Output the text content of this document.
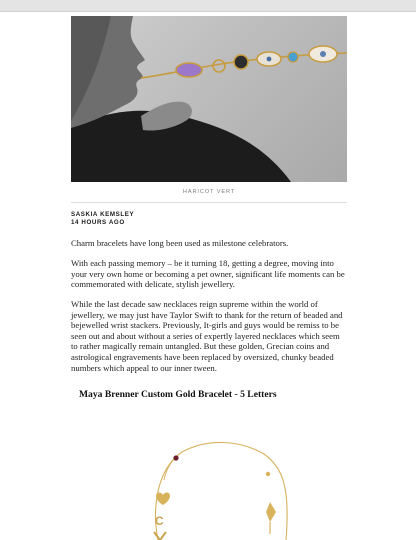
HARICOT VERT
SASKIA KEMSLEY
14 HOURS AGO

Charm bracelets have long been used as milestone celebrators.

With each passing memory – be it turning 18, getting a degree, moving into your very own home or becoming a pet owner, significant life moments can be commemorated with delicate, stylish jewellery.

While the last decade saw necklaces reign supreme within the world of jewellery, we may just have Taylor Swift to thank for the return of beaded and bejewelled wrist stackers. Previously, It-girls and guys would be remiss to be seen out and about without a series of expertly layered necklaces which seem to rather magically remain untangled. But these golden, Grecian coins and astrological engravements have been replaced by oversized, chunky beaded numbers which appeal to our inner tween.

Maya Brenner Custom Gold Bracelet - 5 Letters
C
